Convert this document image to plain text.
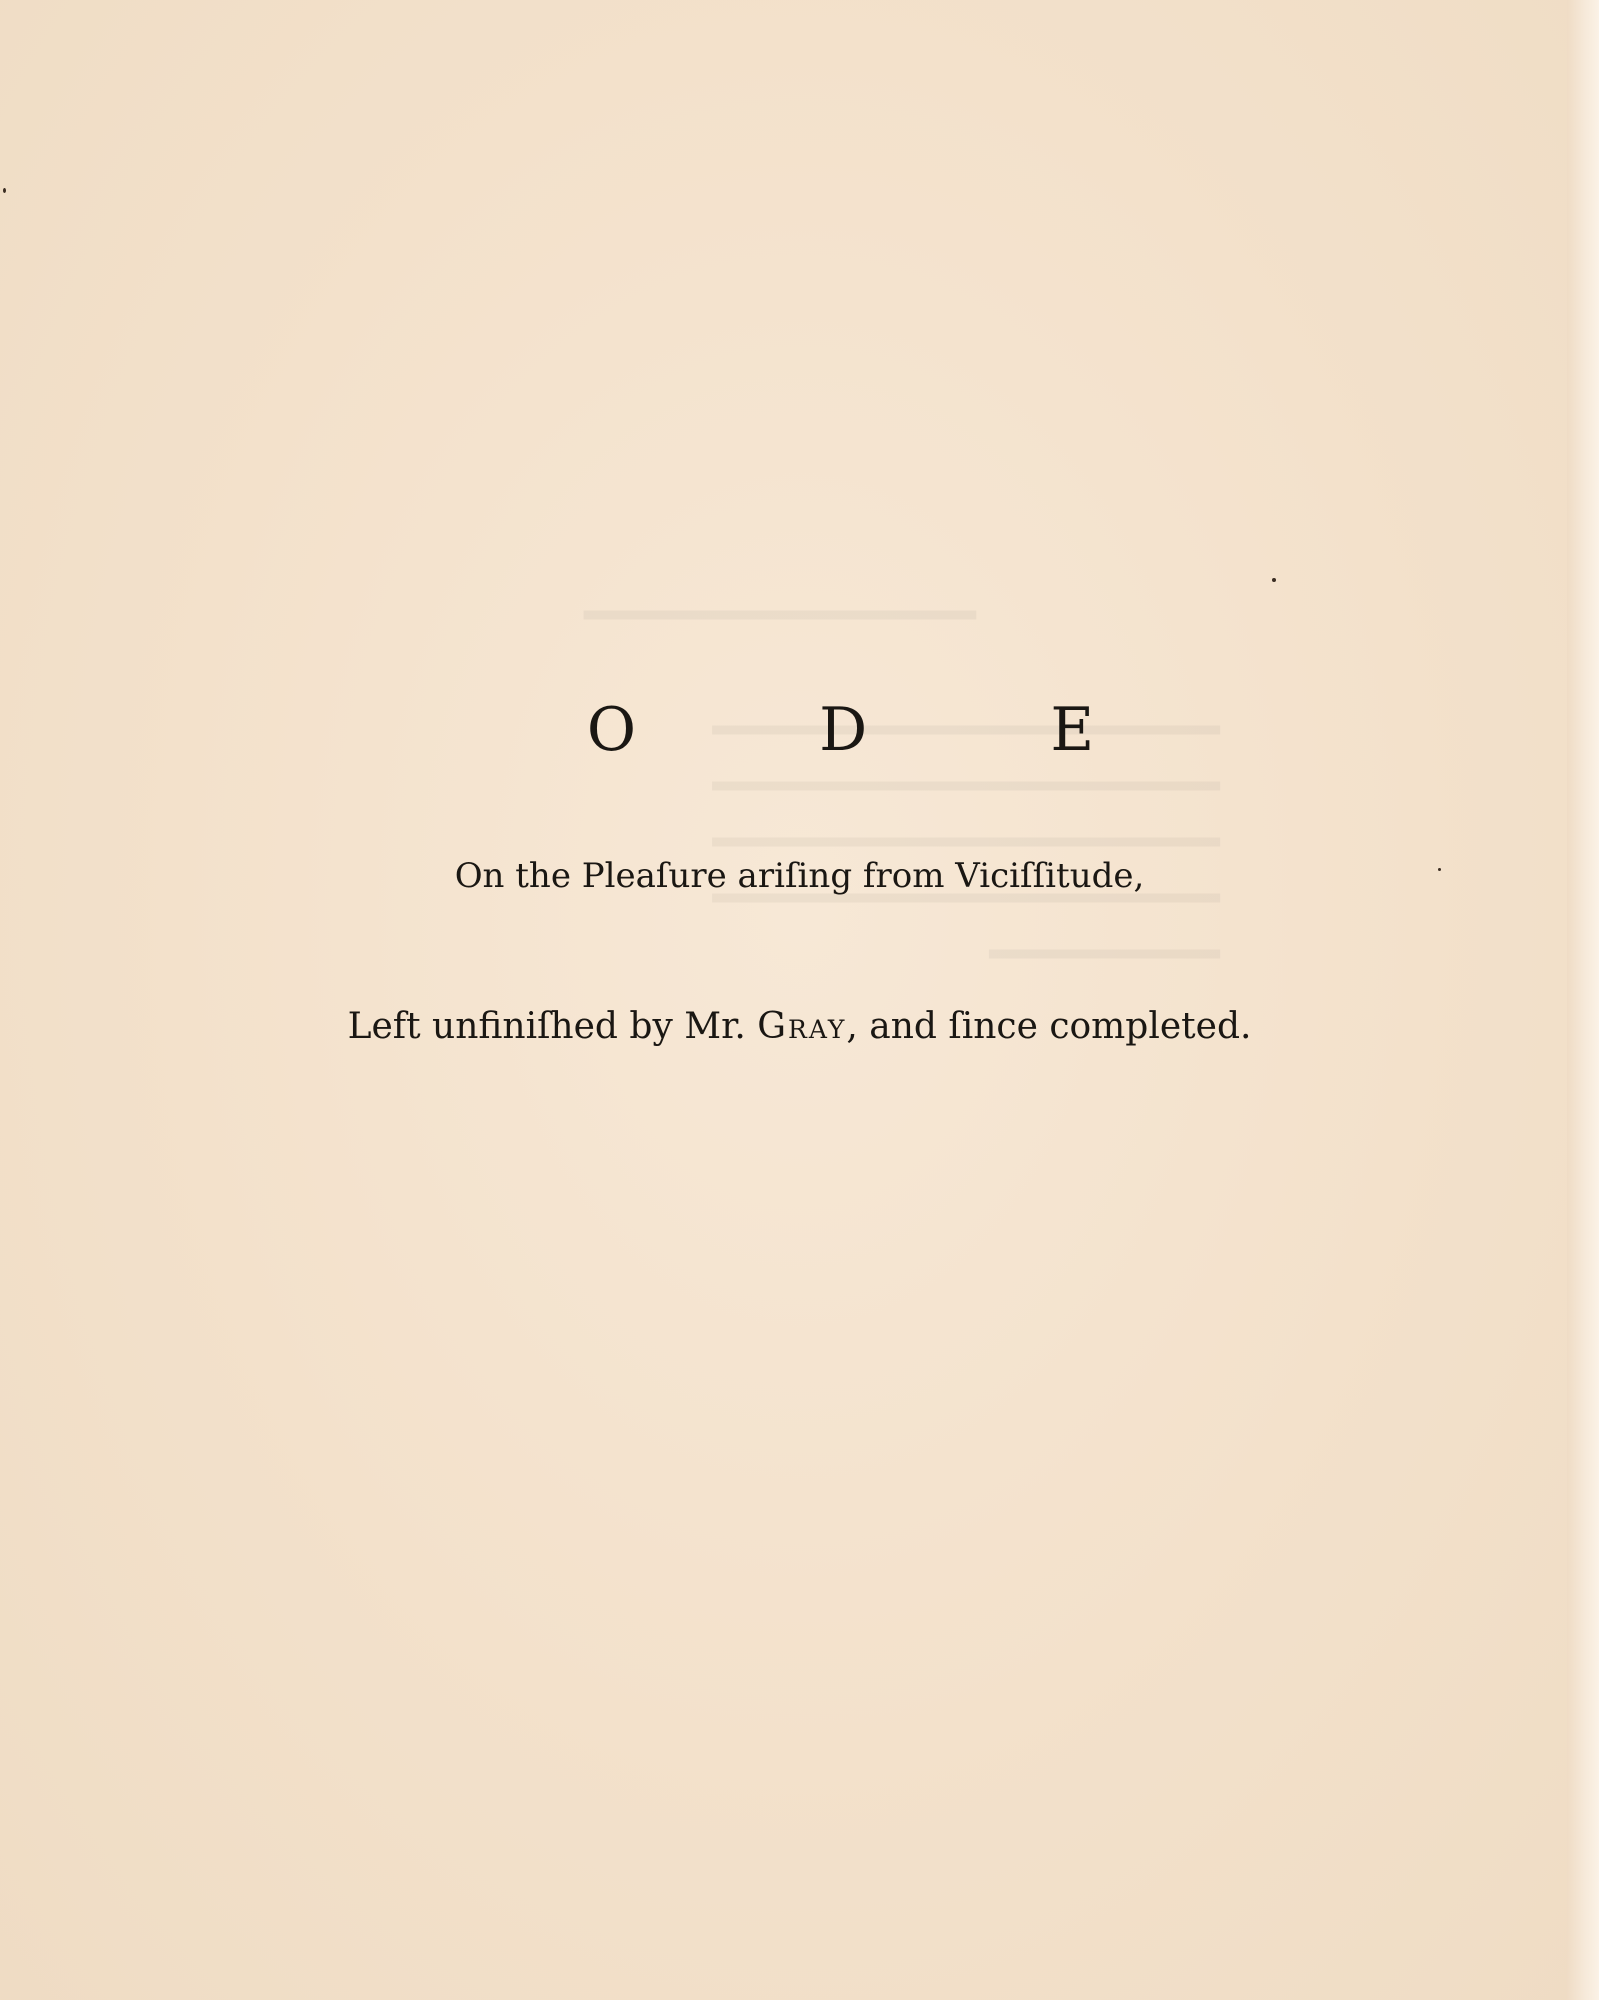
O D E
On the Pleaſure ariſing from Viciſſitude,
Left unfiniſhed by Mr. Gray, and ſince completed.
